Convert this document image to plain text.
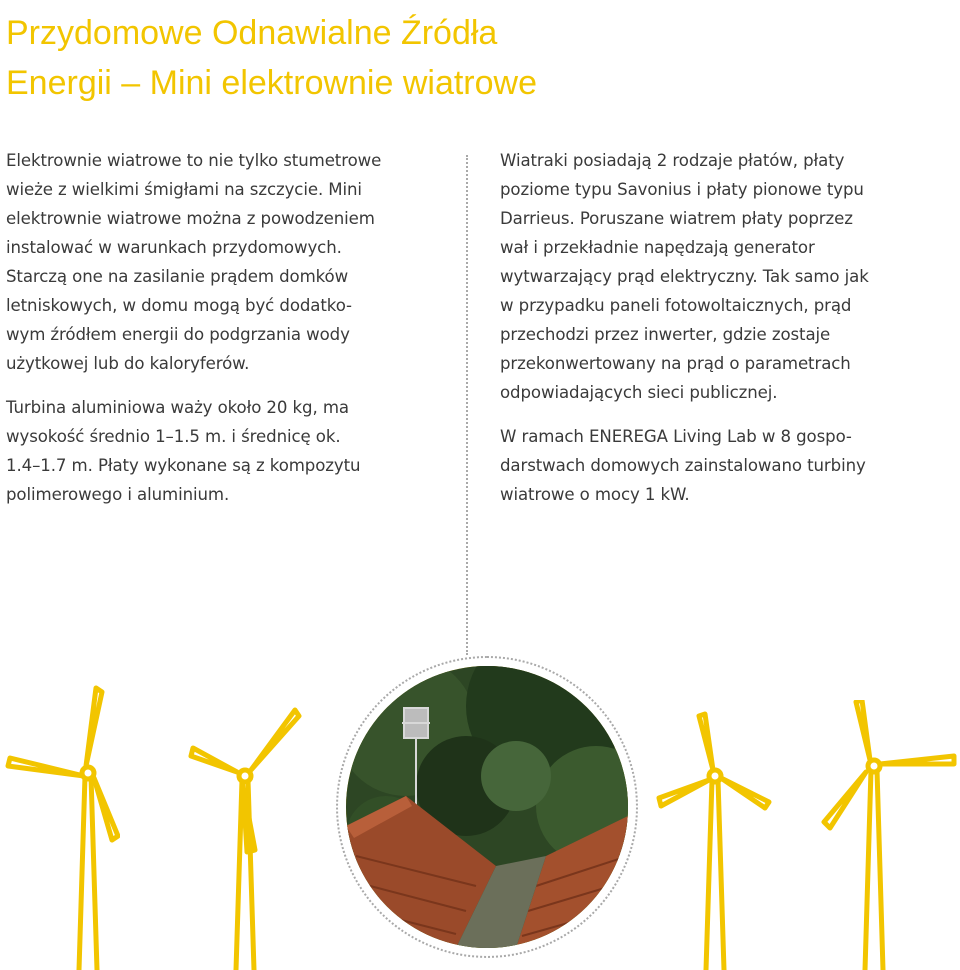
Przydomowe Odnawialne Źródła
Energii – Mini elektrownie wiatrowe

Elektrownie wiatrowe to nie tylko stumetrowe
wieże z wielkimi śmigłami na szczycie. Mini
elektrownie wiatrowe można z powodzeniem
instalować w warunkach przydomowych.
Starczą one na zasilanie prądem domków
letniskowych, w domu mogą być dodatko-
wym źródłem energii do podgrzania wody
użytkowej lub do kaloryferów.

Turbina aluminiowa waży około 20 kg, ma
wysokość średnio 1–1.5 m. i średnicę ok.
1.4–1.7 m. Płaty wykonane są z kompozytu
polimerowego i aluminium.

Wiatraki posiadają 2 rodzaje płatów, płaty
poziome typu Savonius i płaty pionowe typu
Darrieus. Poruszane wiatrem płaty poprzez
wał i przekładnie napędzają generator
wytwarzający prąd elektryczny. Tak samo jak
w przypadku paneli fotowoltaicznych, prąd
przechodzi przez inwerter, gdzie zostaje
przekonwertowany na prąd o parametrach
odpowiadających sieci publicznej.

W ramach ENEREGA Living Lab w 8 gospo-
darstwach domowych zainstalowano turbiny
wiatrowe o mocy 1 kW.
